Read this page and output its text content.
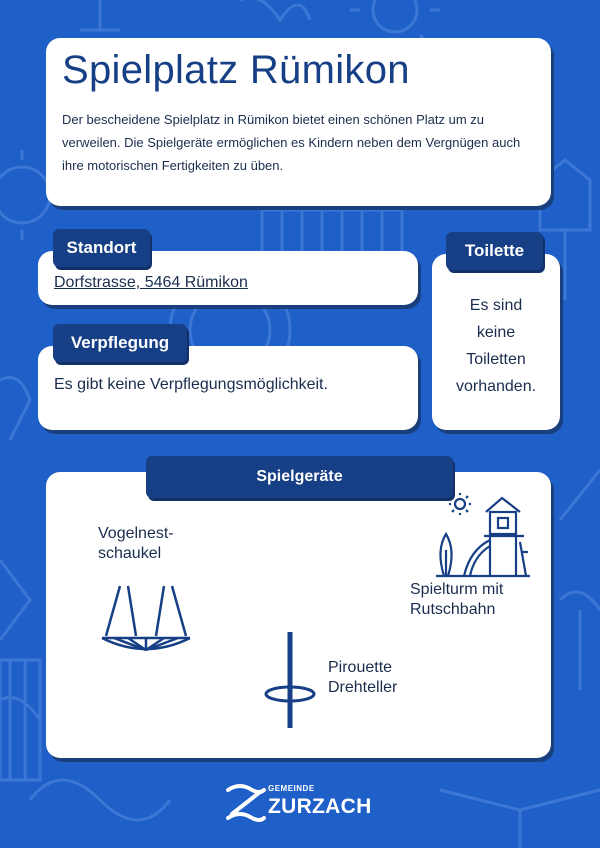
Spielplatz Rümikon

Der bescheidene Spielplatz in Rümikon bietet einen schönen Platz um zu verweilen. Die Spielgeräte ermöglichen es Kindern neben dem Vergnügen auch ihre motorischen Fertigkeiten zu üben.

Dorfstrasse, 5464 Rümikon
Standort

Es gibt keine Verpflegungsmöglichkeit.

Verpflegung

Es sind
keine
Toiletten
vorhanden.

Toilette

Vogelnest-
schaukel

Spielturm mit
Rutschbahn

Pirouette
Drehteller

Spielgeräte
GEMEINDE
ZURZACH
